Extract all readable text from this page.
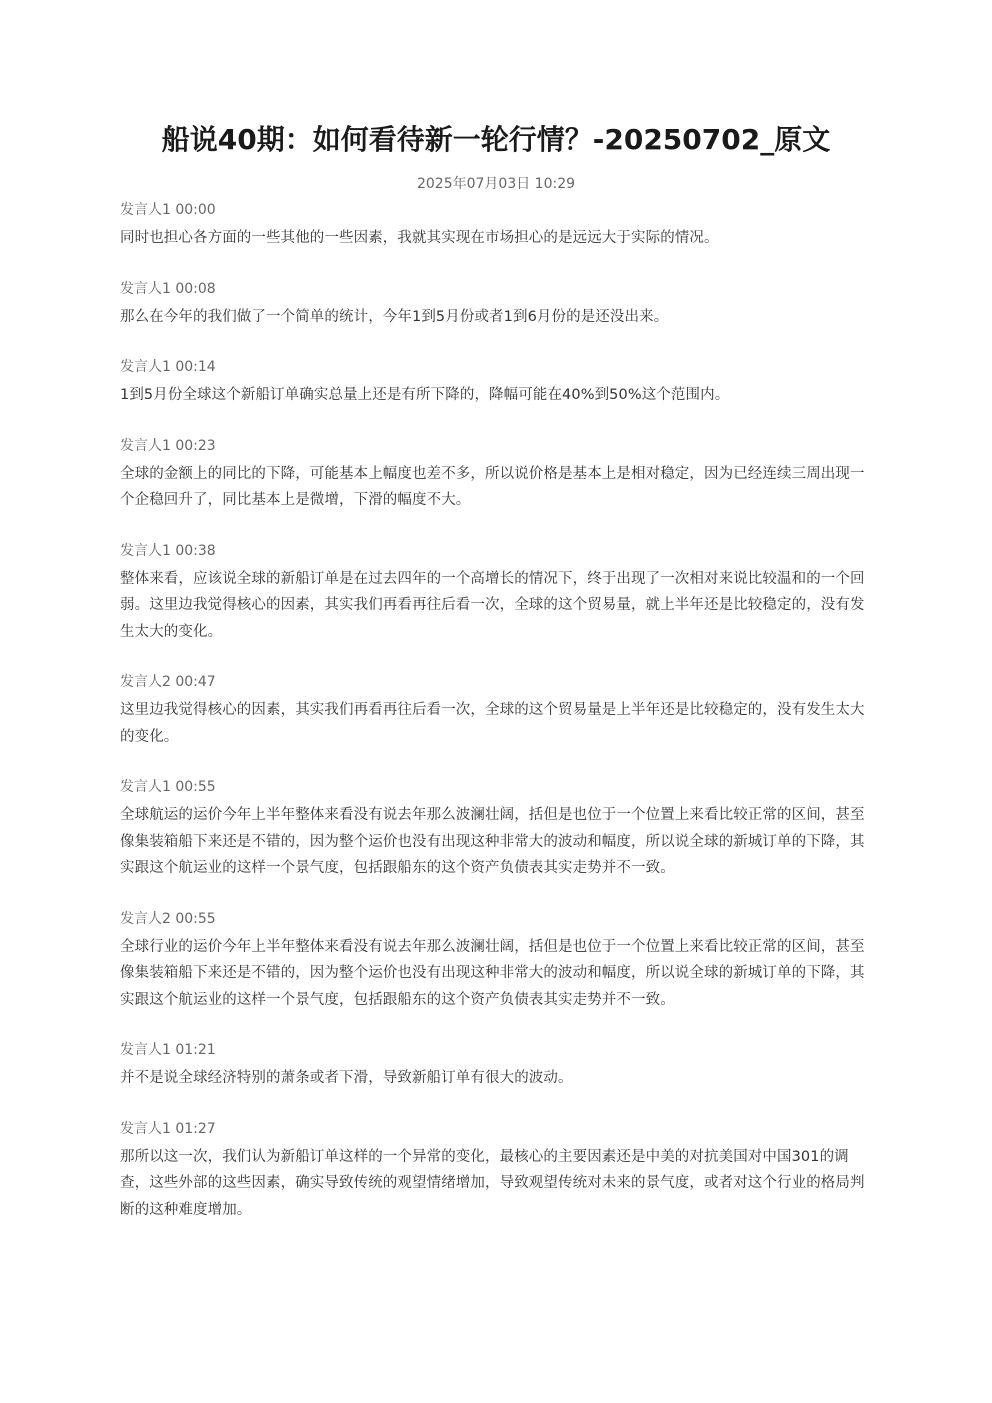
船说40期：如何看待新一轮行情？-20250702_原文
2025年07月03日 10:29
发言人1 00:00
同时也担心各方面的一些其他的一些因素，我就其实现在市场担心的是远远大于实际的情况。
发言人1 00:08
那么在今年的我们做了一个简单的统计，今年1到5月份或者1到6月份的是还没出来。
发言人1 00:14
1到5月份全球这个新船订单确实总量上还是有所下降的，降幅可能在40%到50%这个范围内。
发言人1 00:23
全球的金额上的同比的下降，可能基本上幅度也差不多，所以说价格是基本上是相对稳定，因为已经连续三周出现一个企稳回升了，同比基本上是微增，下滑的幅度不大。
发言人1 00:38
整体来看，应该说全球的新船订单是在过去四年的一个高增长的情况下，终于出现了一次相对来说比较温和的一个回弱。这里边我觉得核心的因素，其实我们再看再往后看一次，全球的这个贸易量，就上半年还是比较稳定的，没有发生太大的变化。
发言人2 00:47
这里边我觉得核心的因素，其实我们再看再往后看一次，全球的这个贸易量是上半年还是比较稳定的，没有发生太大的变化。
发言人1 00:55
全球航运的运价今年上半年整体来看没有说去年那么波澜壮阔，括但是也位于一个位置上来看比较正常的区间，甚至像集装箱船下来还是不错的，因为整个运价也没有出现这种非常大的波动和幅度，所以说全球的新城订单的下降，其实跟这个航运业的这样一个景气度，包括跟船东的这个资产负债表其实走势并不一致。
发言人2 00:55
全球行业的运价今年上半年整体来看没有说去年那么波澜壮阔，括但是也位于一个位置上来看比较正常的区间，甚至像集装箱船下来还是不错的，因为整个运价也没有出现这种非常大的波动和幅度，所以说全球的新城订单的下降，其实跟这个航运业的这样一个景气度，包括跟船东的这个资产负债表其实走势并不一致。
发言人1 01:21
并不是说全球经济特别的萧条或者下滑，导致新船订单有很大的波动。
发言人1 01:27
那所以这一次，我们认为新船订单这样的一个异常的变化，最核心的主要因素还是中美的对抗美国对中国301的调查，这些外部的这些因素，确实导致传统的观望情绪增加，导致观望传统对未来的景气度，或者对这个行业的格局判断的这种难度增加。
